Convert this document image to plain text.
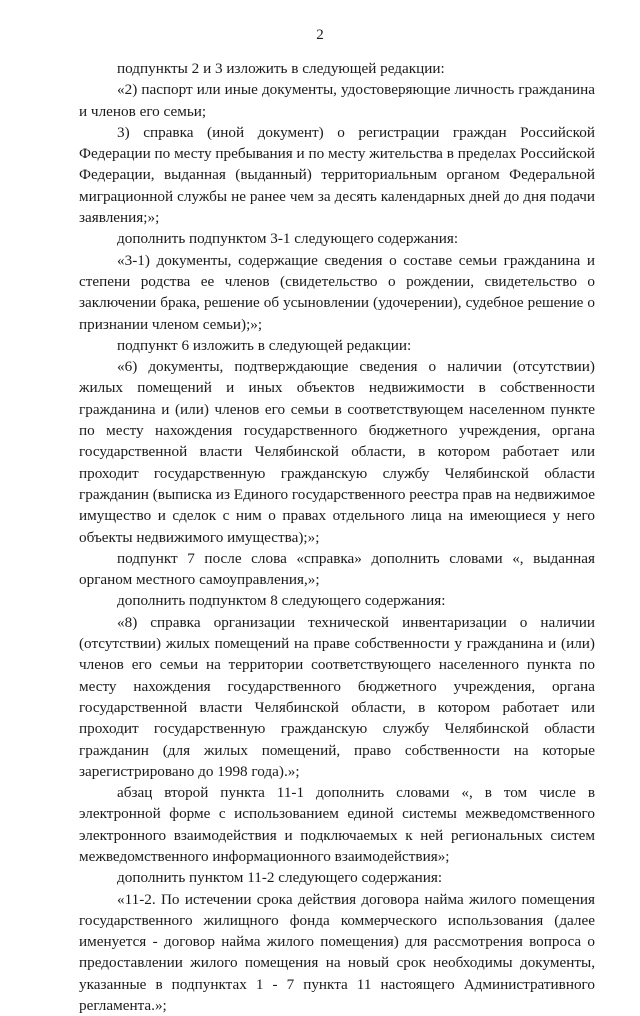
2

подпункты 2 и 3 изложить в следующей редакции:

«2) паспорт или иные документы, удостоверяющие личность гражданина и членов его семьи;

3) справка (иной документ) о регистрации граждан Российской Федерации по месту пребывания и по месту жительства в пределах Российской Федерации, выданная (выданный) территориальным органом Федеральной миграционной службы не ранее чем за десять календарных дней до дня подачи заявления;»;

дополнить подпунктом 3-1 следующего содержания:

«3-1) документы, содержащие сведения о составе семьи гражданина и степени родства ее членов (свидетельство о рождении, свидетельство о заключении брака, решение об усыновлении (удочерении), судебное решение о признании членом семьи);»;

подпункт 6 изложить в следующей редакции:

«6) документы, подтверждающие сведения о наличии (отсутствии) жилых помещений и иных объектов недвижимости в собственности гражданина и (или) членов его семьи в соответствующем населенном пункте по месту нахождения государственного бюджетного учреждения, органа государственной власти Челябинской области, в котором работает или проходит государственную гражданскую службу Челябинской области гражданин (выписка из Единого государственного реестра прав на недвижимое имущество и сделок с ним о правах отдельного лица на имеющиеся у него объекты недвижимого имущества);»;

подпункт 7 после слова «справка» дополнить словами «, выданная органом местного самоуправления,»;

дополнить подпунктом 8 следующего содержания:

«8) справка организации технической инвентаризации о наличии (отсутствии) жилых помещений на праве собственности у гражданина и (или) членов его семьи на территории соответствующего населенного пункта по месту нахождения государственного бюджетного учреждения, органа государственной власти Челябинской области, в котором работает или проходит государственную гражданскую службу Челябинской области гражданин (для жилых помещений, право собственности на которые зарегистрировано до 1998 года).»;

абзац второй пункта 11-1 дополнить словами «, в том числе в электронной форме с использованием единой системы межведомственного электронного взаимодействия и подключаемых к ней региональных систем межведомственного информационного взаимодействия»;

дополнить пунктом 11-2 следующего содержания:

«11-2. По истечении срока действия договора найма жилого помещения государственного жилищного фонда коммерческого использования (далее именуется - договор найма жилого помещения) для рассмотрения вопроса о предоставлении жилого помещения на новый срок необходимы документы, указанные в подпунктах 1 - 7 пункта 11 настоящего Административного регламента.»;
